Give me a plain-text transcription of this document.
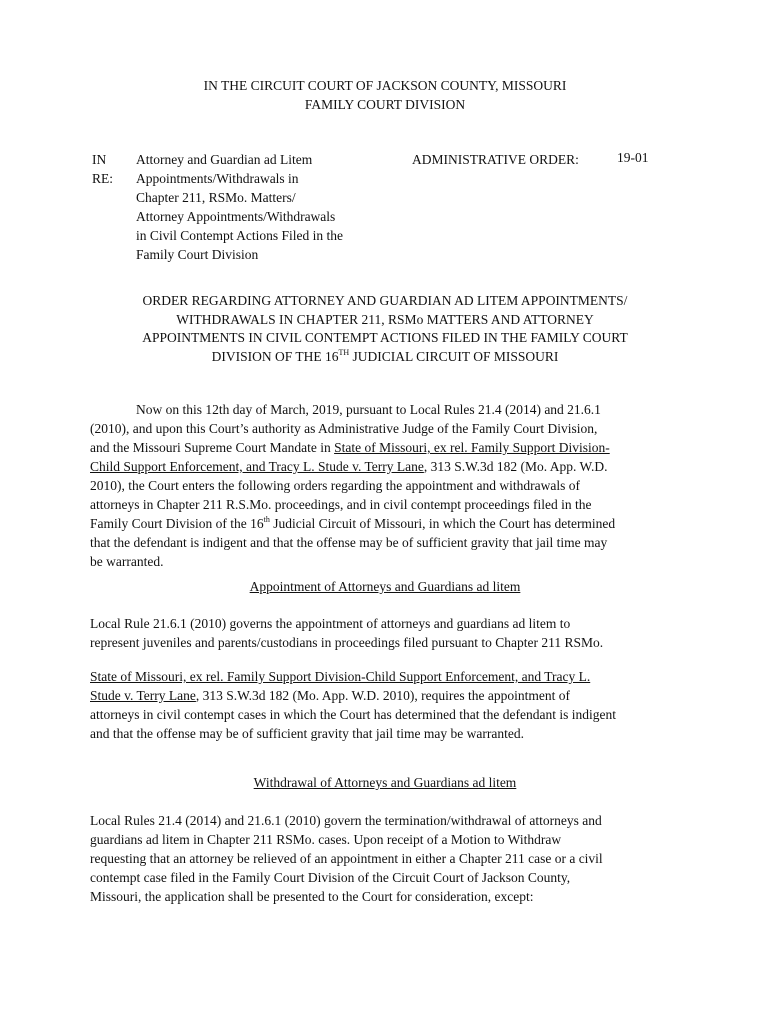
IN THE CIRCUIT COURT OF JACKSON COUNTY, MISSOURI
FAMILY COURT DIVISION
IN RE:
Attorney and Guardian ad Litem
Appointments/Withdrawals in
Chapter 211, RSMo. Matters/
Attorney Appointments/Withdrawals
in Civil Contempt Actions Filed in the
Family Court Division
ADMINISTRATIVE ORDER:	19-01
ORDER REGARDING ATTORNEY AND GUARDIAN AD LITEM APPOINTMENTS/
WITHDRAWALS IN CHAPTER 211, RSMo MATTERS AND ATTORNEY
APPOINTMENTS IN CIVIL CONTEMPT ACTIONS FILED IN THE FAMILY COURT
DIVISION OF THE 16TH JUDICIAL CIRCUIT OF MISSOURI
Now on this 12th day of March, 2019, pursuant to Local Rules 21.4 (2014) and 21.6.1
(2010), and upon this Court’s authority as Administrative Judge of the Family Court Division,
and the Missouri Supreme Court Mandate in State of Missouri, ex rel. Family Support Division-
Child Support Enforcement, and Tracy L. Stude v. Terry Lane, 313 S.W.3d 182 (Mo. App. W.D.
2010), the Court enters the following orders regarding the appointment and withdrawals of
attorneys in Chapter 211 R.S.Mo. proceedings, and in civil contempt proceedings filed in the
Family Court Division of the 16th Judicial Circuit of Missouri, in which the Court has determined
that the defendant is indigent and that the offense may be of sufficient gravity that jail time may
be warranted.
Appointment of Attorneys and Guardians ad litem
Local Rule 21.6.1 (2010) governs the appointment of attorneys and guardians ad litem to
represent juveniles and parents/custodians in proceedings filed pursuant to Chapter 211 RSMo.
State of Missouri, ex rel. Family Support Division-Child Support Enforcement, and Tracy L.
Stude v. Terry Lane, 313 S.W.3d 182 (Mo. App. W.D. 2010), requires the appointment of
attorneys in civil contempt cases in which the Court has determined that the defendant is indigent
and that the offense may be of sufficient gravity that jail time may be warranted.
Withdrawal of Attorneys and Guardians ad litem
Local Rules 21.4 (2014) and 21.6.1 (2010) govern the termination/withdrawal of attorneys and
guardians ad litem in Chapter 211 RSMo. cases. Upon receipt of a Motion to Withdraw
requesting that an attorney be relieved of an appointment in either a Chapter 211 case or a civil
contempt case filed in the Family Court Division of the Circuit Court of Jackson County,
Missouri, the application shall be presented to the Court for consideration, except:
